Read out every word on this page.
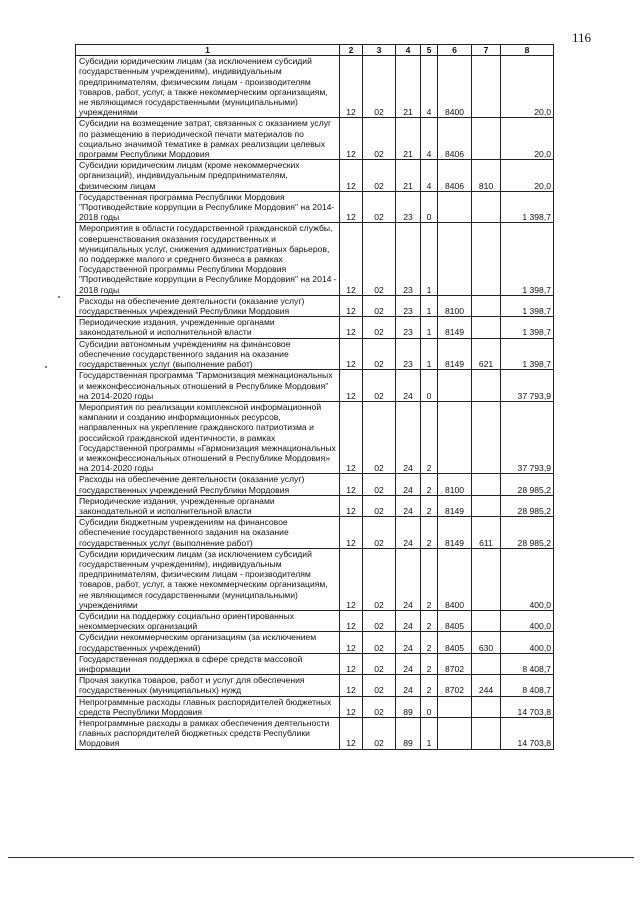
116
1	2	3	4	5	6	7	8
Субсидии юридическим лицам (за исключением субсидий государственным учреждениям), индивидуальным предпринимателям, физическим лицам - производителям товаров, работ, услуг, а также некоммерческим организациям, не являющимся государственными (муниципальными) учреждениями	12	02	21	4	8400		20,0
Субсидии на возмещение затрат, связанных с оказанием услуг по размещению в периодической печати материалов по социально значимой тематике в рамках реализации целевых программ Республики Мордовия	12	02	21	4	8406		20,0
Субсидии юридическим лицам (кроме некоммерческих организаций), индивидуальным предпринимателям, физическим лицам	12	02	21	4	8406	810	20,0
Государственная программа Республики Мордовия "Противодействие коррупции в Республике Мордовия" на 2014-2018 годы	12	02	23	0			1 398,7
Мероприятия в области государственной гражданской службы, совершенствования оказания государственных и муниципальных услуг, снижения административных барьеров, по поддержке малого и среднего бизнеса в рамках Государственной программы Республики Мордовия "Противодействие коррупции в Республике Мордовия" на 2014 - 2018 годы	12	02	23	1			1 398,7
Расходы на обеспечение деятельности (оказание услуг) государственных учреждений Республики Мордовия	12	02	23	1	8100		1 398,7
Периодические издания, учрежденные органами законодательной и исполнительной власти	12	02	23	1	8149		1 398,7
Субсидии автономным учреждениям на финансовое обеспечение государственного задания на оказание государственных услуг (выполнение работ)	12	02	23	1	8149	621	1 398,7
Государственная программа "Гармонизация межнациональных и межконфессиональных отношений в Республике Мордовия" на 2014-2020 годы	12	02	24	0			37 793,9
Мероприятия по реализации комплексной информационной кампании и созданию информационных ресурсов, направленных на укрепление гражданского патриотизма и российской гражданской идентичности, в рамках Государственной программы «Гармонизация межнациональных и межконфессиональных отношений в Республике Мордовия» на 2014-2020 годы	12	02	24	2			37 793,9
Расходы на обеспечение деятельности (оказание услуг) государственных учреждений Республики Мордовия	12	02	24	2	8100		28 985,2
Периодические издания, учрежденные органами законодательной и исполнительной власти	12	02	24	2	8149		28 985,2
Субсидии бюджетным учреждениям на финансовое обеспечение государственного задания на оказание государственных услуг (выполнение работ)	12	02	24	2	8149	611	28 985,2
Субсидии юридическим лицам (за исключением субсидий государственным учреждениям), индивидуальным предпринимателям, физическим лицам - производителям товаров, работ, услуг, а также некоммерческим организациям, не являющимся государственными (муниципальными) учреждениями	12	02	24	2	8400		400,0
Субсидии на поддержку социально ориентированных некоммерческих организаций	12	02	24	2	8405		400,0
Субсидии некоммерческим организациям (за исключением государственных учреждений)	12	02	24	2	8405	630	400,0
Государственная поддержка в сфере средств массовой информации	12	02	24	2	8702		8 408,7
Прочая закупка товаров, работ и услуг для обеспечения государственных (муниципальных) нужд	12	02	24	2	8702	244	8 408,7
Непрограммные расходы главных распорядителей бюджетных средств Республики Мордовия	12	02	89	0			14 703,8
Непрограммные расходы в рамках обеспечения деятельности главных распорядителей бюджетных средств Республики Мордовия	12	02	89	1			14 703,8
